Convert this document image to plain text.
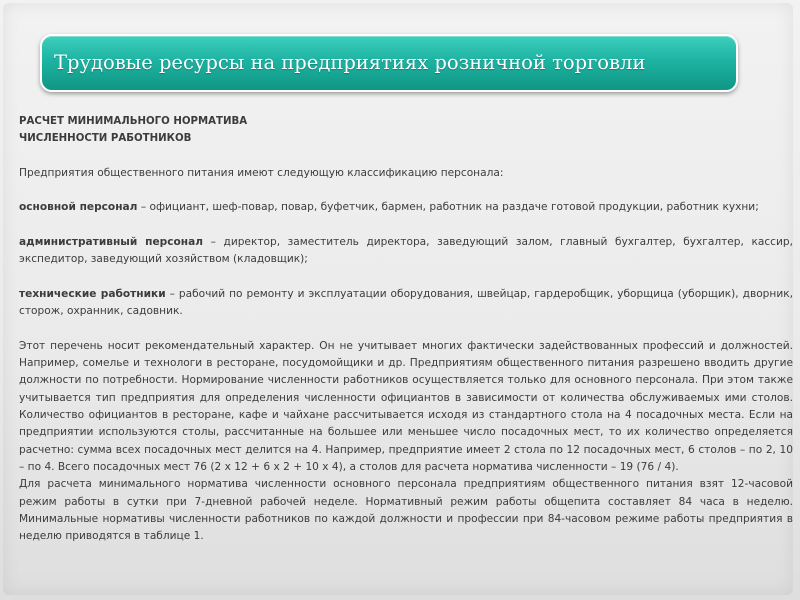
Трудовые ресурсы на предприятиях розничной торговли

РАСЧЕТ МИНИМАЛЬНОГО НОРМАТИВА

ЧИСЛЕННОСТИ РАБОТНИКОВ

Предприятия общественного питания имеют следующую классификацию персонала:

основной персонал – официант, шеф-повар, повар, буфетчик, бармен, работник на раздаче готовой продукции, работник кухни;

административный персонал – директор, заместитель директора, заведующий залом, главный бухгалтер, бухгалтер, кассир, экспедитор, заведующий хозяйством (кладовщик);

технические работники – рабочий по ремонту и эксплуатации оборудования, швейцар, гардеробщик, уборщица (уборщик), дворник, сторож, охранник, садовник.

Этот перечень носит рекомендательный характер. Он не учитывает многих фактически задействованных профессий и должностей. Например, сомелье и технологи в ресторане, посудомойщики и др. Предприятиям общественного питания разрешено вводить другие должности по потребности. Нормирование численности работников осуществляется только для основного персонала. При этом также учитывается тип предприятия для определения численности официантов в зависимости от количества обслуживаемых ими столов. Количество официантов в ресторане, кафе и чайхане рассчитывается исходя из стандартного стола на 4 посадочных места. Если на предприятии используются столы, рассчитанные на большее или меньшее число посадочных мест, то их количество определяется расчетно: сумма всех посадочных мест делится на 4. Например, предприятие имеет 2 стола по 12 посадочных мест, 6 столов – по 2, 10 – по 4. Всего посадочных мест 76 (2 х 12 + 6 х 2 + 10 х 4), а столов для расчета норматива численности – 19 (76 / 4).

Для расчета минимального норматива численности основного персонала предприятиям общественного питания взят 12-часовой режим работы в сутки при 7-дневной рабочей неделе. Нормативный режим работы общепита составляет 84 часа в неделю. Минимальные нормативы численности работников по каждой должности и профессии при 84-часовом режиме работы предприятия в неделю приводятся в таблице 1.
